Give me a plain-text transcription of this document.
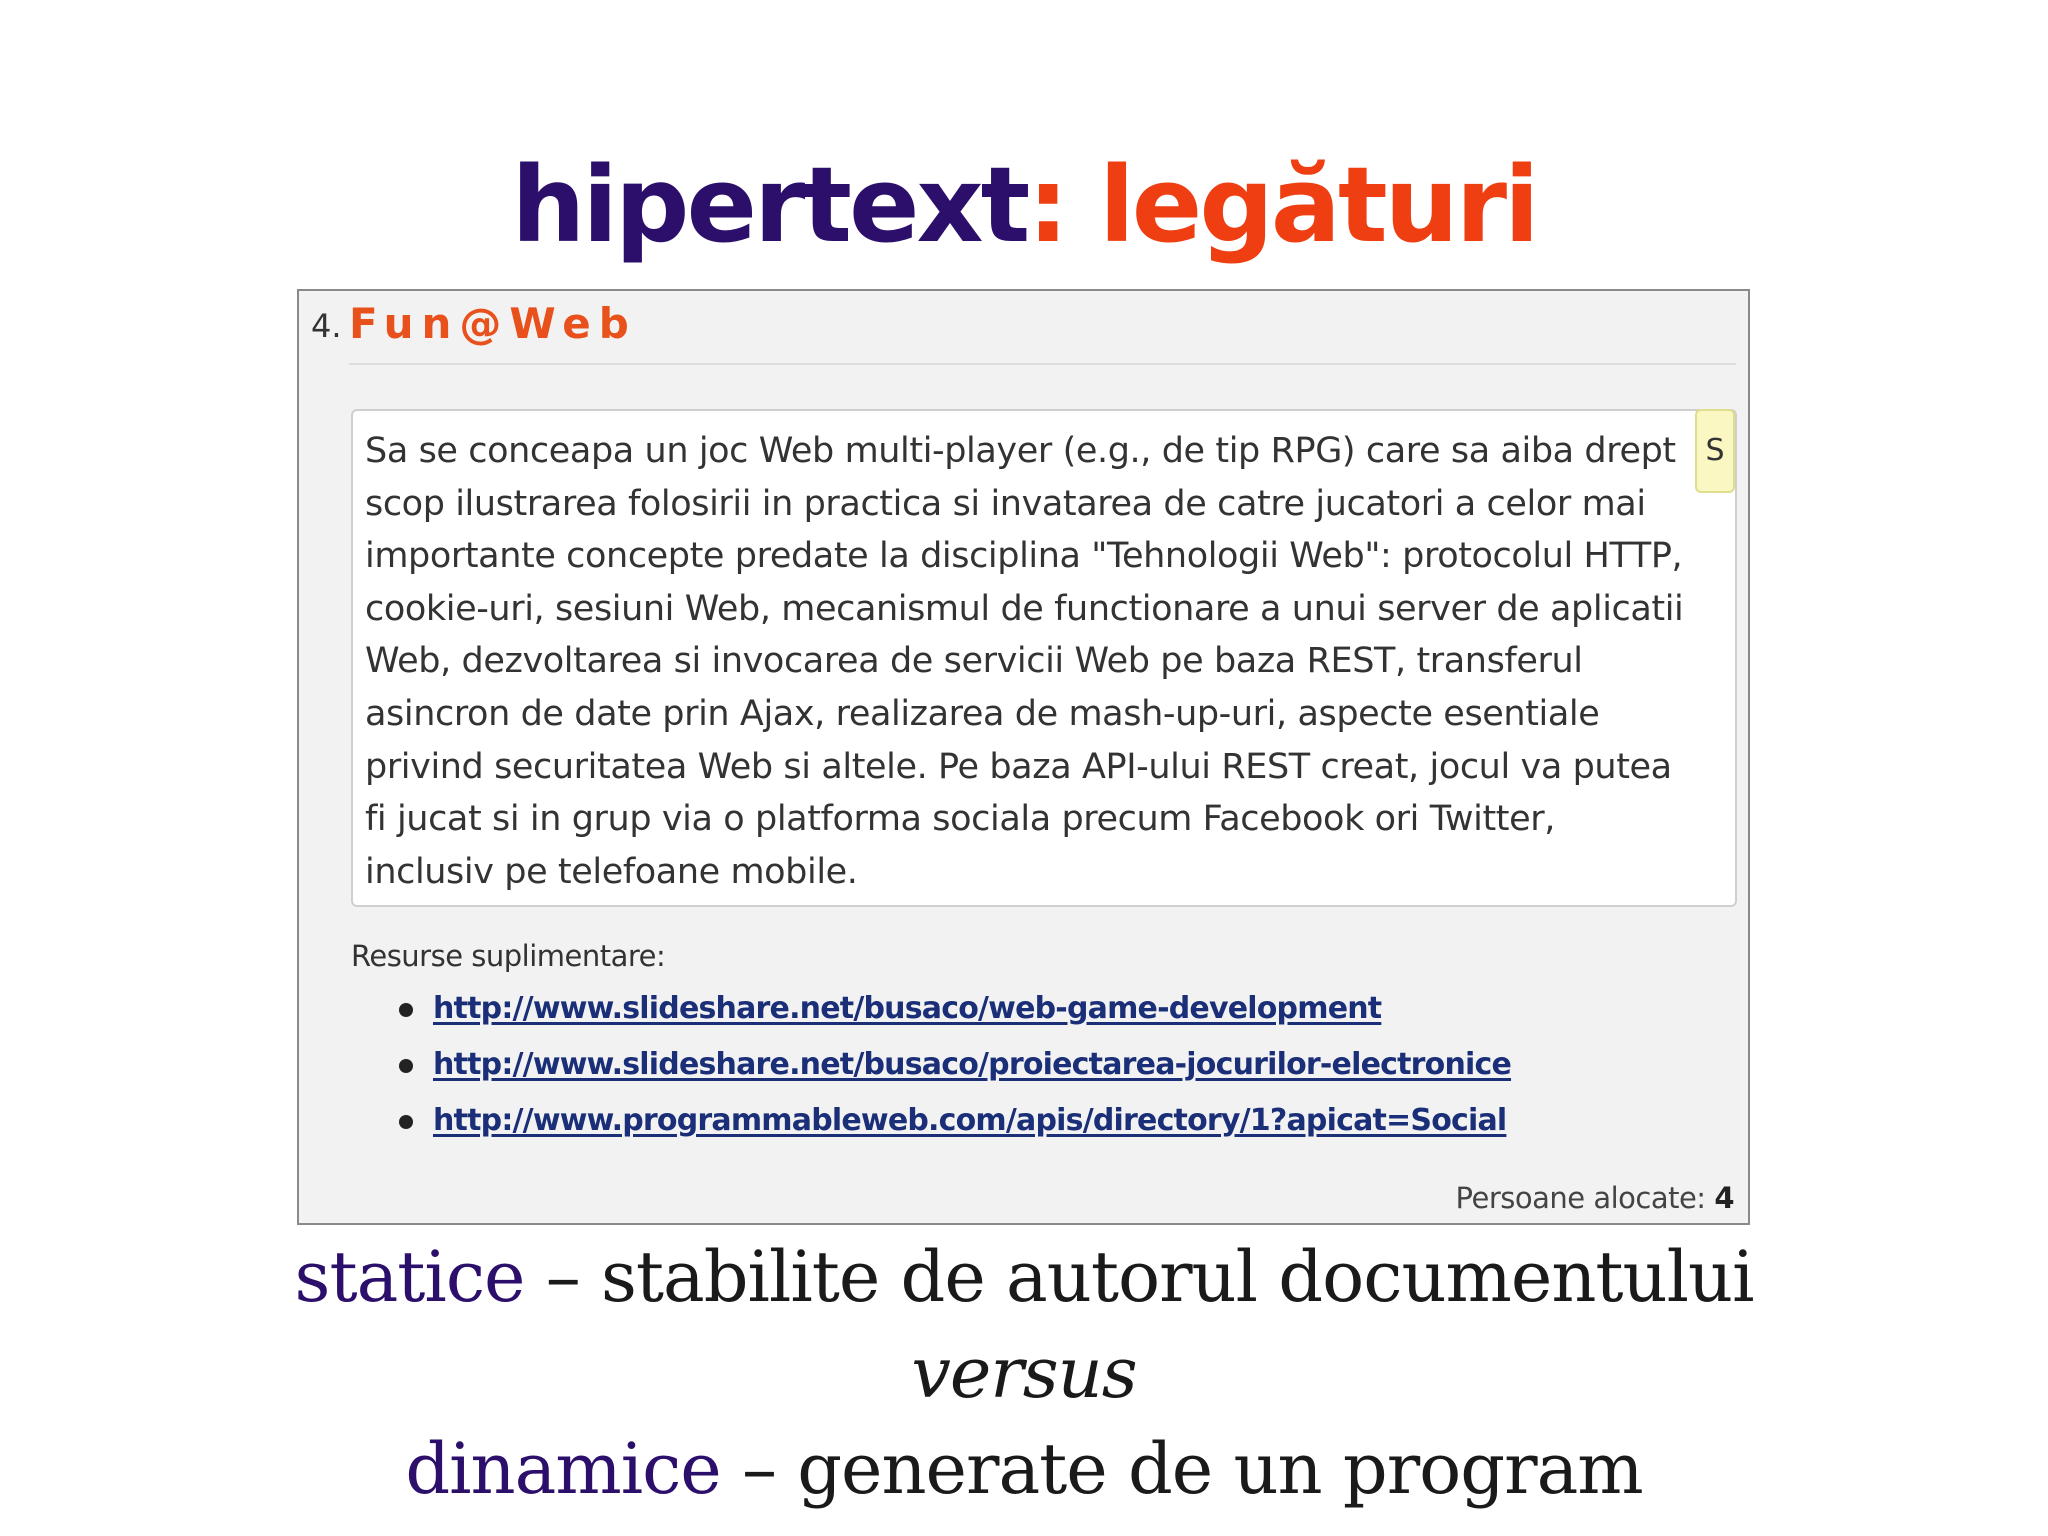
hipertext: legături
4. Fun@Web
Sa se conceapa un joc Web multi-player (e.g., de tip RPG) care sa aiba drept scop ilustrarea folosirii in practica si invatarea de catre jucatori a celor mai importante concepte predate la disciplina "Tehnologii Web": protocolul HTTP, cookie-uri, sesiuni Web, mecanismul de functionare a unui server de aplicatii Web, dezvoltarea si invocarea de servicii Web pe baza REST, transferul asincron de date prin Ajax, realizarea de mash-up-uri, aspecte esentiale privind securitatea Web si altele. Pe baza API-ului REST creat, jocul va putea fi jucat si in grup via o platforma sociala precum Facebook ori Twitter, inclusiv pe telefoane mobile.
S
Resurse suplimentare:
http://www.slideshare.net/busaco/web-game-development
http://www.slideshare.net/busaco/proiectarea-jocurilor-electronice
http://www.programmableweb.com/apis/directory/1?apicat=Social
Persoane alocate: 4
statice – stabilite de autorul documentului
versus
dinamice – generate de un program
